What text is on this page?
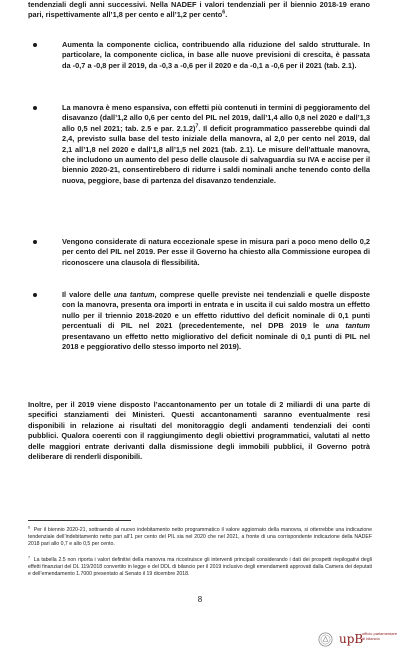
tendenziali degli anni successivi. Nella NADEF i valori tendenziali per il biennio 2018-19 erano pari, rispettivamente all’1,8 per cento e all’1,2 per cento$^6$.

Aumenta la componente ciclica, contribuendo alla riduzione del saldo strutturale. In particolare, la componente ciclica, in base alle nuove previsioni di crescita, è passata da -0,7 a -0,8 per il 2019, da -0,3 a -0,6 per il 2020 e da -0,1 a -0,6 per il 2021 (tab. 2.1).

La manovra è meno espansiva, con effetti più contenuti in termini di peggioramento del disavanzo (dall’1,2 allo 0,6 per cento del PIL nel 2019, dall’1,4 allo 0,8 nel 2020 e dall’1,3 allo 0,5 nel 2021; tab. 2.5 e par. 2.1.2)$^7$. Il deficit programmatico passerebbe quindi dal 2,4, previsto sulla base del testo iniziale della manovra, al 2,0 per cento nel 2019, dal 2,1 all’1,8 nel 2020 e dall’1,8 all’1,5 nel 2021 (tab. 2.1). Le misure dell’attuale manovra, che includono un aumento del peso delle clausole di salvaguardia su IVA e accise per il biennio 2020-21, consentirebbero di ridurre i saldi nominali anche tenendo conto della nuova, peggiore, base di partenza del disavanzo tendenziale.

Vengono considerate di natura eccezionale spese in misura pari a poco meno dello 0,2 per cento del PIL nel 2019. Per esse il Governo ha chiesto alla Commissione europea di riconoscere una clausola di flessibilità.

Il valore delle una tantum, comprese quelle previste nei tendenziali e quelle disposte con la manovra, presenta ora importi in entrata e in uscita il cui saldo mostra un effetto nullo per il triennio 2018-2020 e un effetto riduttivo del deficit nominale di 0,1 punti percentuali di PIL nel 2021 (precedentemente, nel DPB 2019 le una tantum presentavano un effetto netto migliorativo del deficit nominale di 0,1 punti di PIL nel 2018 e peggiorativo dello stesso importo nel 2019).

Inoltre, per il 2019 viene disposto l’accantonamento per un totale di 2 miliardi di una parte di specifici stanziamenti dei Ministeri. Questi accantonamenti saranno eventualmente resi disponibili in relazione ai risultati del monitoraggio degli andamenti tendenziali dei conti pubblici. Qualora coerenti con il raggiungimento degli obiettivi programmatici, valutati al netto delle maggiori entrate derivanti dalla dismissione degli immobili pubblici, il Governo potrà deliberare di renderli disponibili.

$^6$ Per il biennio 2020-21, sottraendo al nuovo indebitamento netto programmatico il valore aggiornato della manovra, si otterrebbe una indicazione tendenziale dell’indebitamento netto pari all’1 per cento del PIL sia nel 2020 che nel 2021, a fronte di una corrispondente indicazione della NADEF 2018 pari allo 0,7 e allo 0,5 per cento.

$^7$ La tabella 2.5 non riporta i valori definitivi della manovra ma ricostruisce gli interventi principali considerando i dati dei prospetti riepilogativi degli effetti finanziari del DL 119/2018 convertito in legge e del DDL di bilancio per il 2019 inclusivo degli emendamenti approvati dalla Camera dei deputati e dell’emendamento 1.7000 presentato al Senato il 19 dicembre 2018.

8
upB
ufficio parlamentare di bilancio
